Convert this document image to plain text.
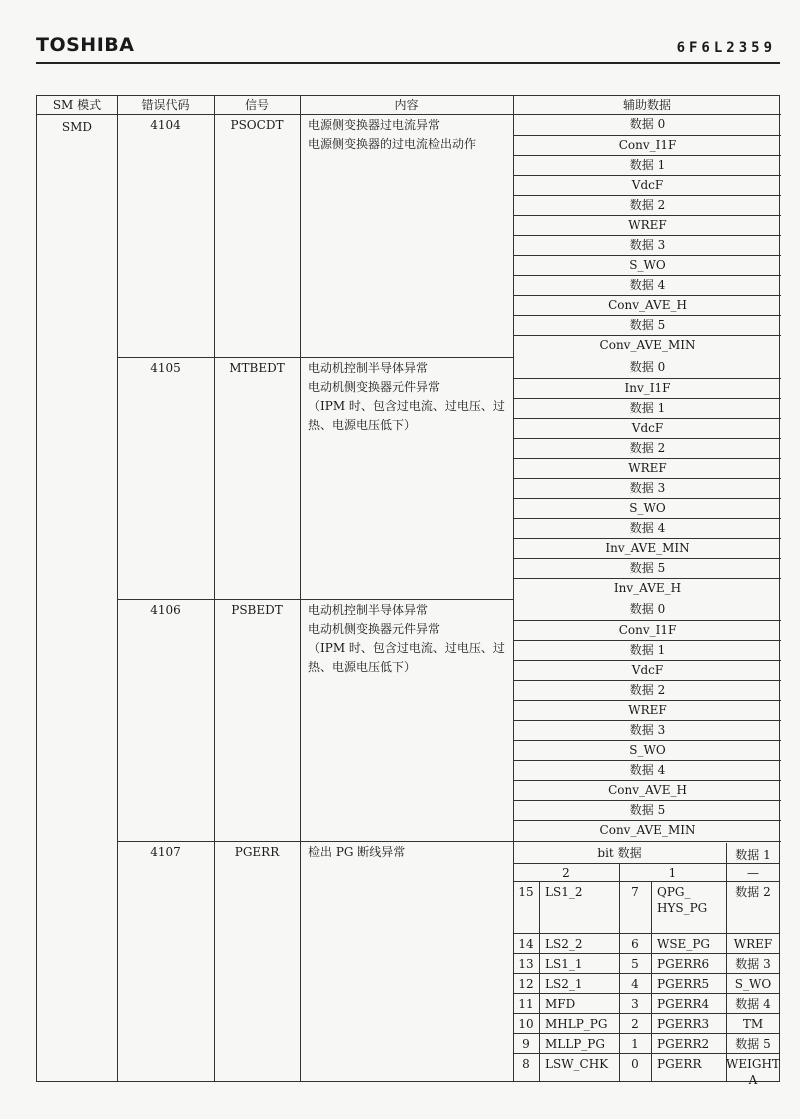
TOSHIBA	6F6L2359
SM 模式	错误代码	信号	内容	辅助数据
SMD	4104	PSOCDT	电源侧变换器过电流异常
电源侧变换器的过电流检出动作
数据 0
Conv_I1F
数据 1
VdcF
数据 2
WREF
数据 3
S_WO
数据 4
Conv_AVE_H
数据 5
Conv_AVE_MIN
4105	MTBEDT	电动机控制半导体异常
电动机侧变换器元件异常
（IPM 时、包含过电流、过电压、过热、电源电压低下）
数据 0
Inv_I1F
数据 1
VdcF
数据 2
WREF
数据 3
S_WO
数据 4
Inv_AVE_MIN
数据 5
Inv_AVE_H
4106	PSBEDT	电动机控制半导体异常
电动机侧变换器元件异常
（IPM 时、包含过电流、过电压、过热、电源电压低下）
数据 0
Conv_I1F
数据 1
VdcF
数据 2
WREF
数据 3
S_WO
数据 4
Conv_AVE_H
数据 5
Conv_AVE_MIN
4107	PGERR	检出 PG 断线异常	bit 数据	数据 1
2	1	—
15 LS1_2	7	QPG_
HYS_PG
数据 2
14 LS2_2	6	WSE_PG	WREF
13 LS1_1	5	PGERR6	数据 3
12 LS2_1	4	PGERR5	S_WO
11 MFD	3	PGERR4	数据 4
10 MHLP_PG	2	PGERR3	TM
9	MLLP_PG	1	PGERR2	数据 5
8	LSW_CHK	0	PGERR	WEIGHT
A
